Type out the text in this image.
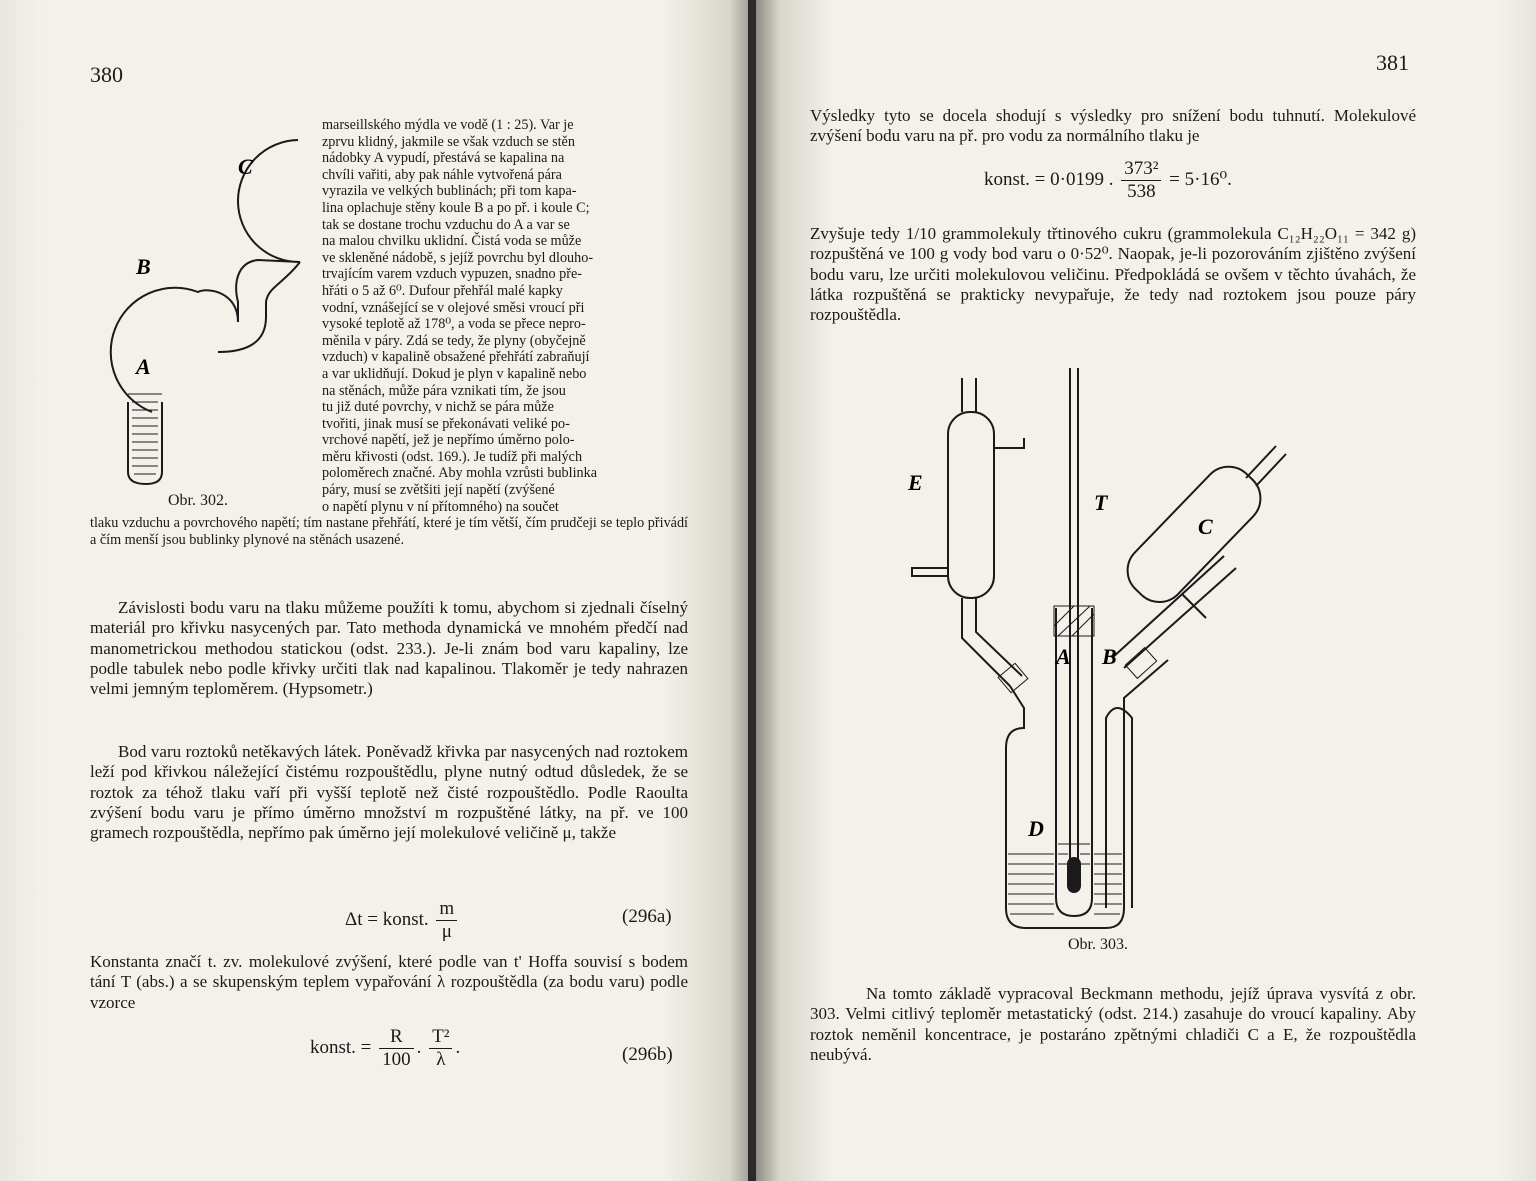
380
C
B
A
Obr. 302.
marseillského mýdla ve vodě (1 : 25). Var je
zprvu klidný, jakmile se však vzduch se stěn
nádobky A vypudí, přestává se kapalina na
chvíli vařiti, aby pak náhle vytvořená pára
vyrazila ve velkých bublinách; při tom kapa-
lina oplachuje stěny koule B a po př. i koule C;
tak se dostane trochu vzduchu do A a var se
na malou chvilku uklidní. Čistá voda se může
ve skleněné nádobě, s jejíž povrchu byl dlouho-
trvajícím varem vzduch vypuzen, snadno pře-
hřáti o 5 až 6⁰. Dufour přehřál malé kapky
vodní, vznášející se v olejové směsi vroucí při
vysoké teplotě až 178⁰, a voda se přece nepro-
měnila v páry. Zdá se tedy, že plyny (obyčejně
vzduch) v kapalině obsažené přehřátí zabraňují
a var uklidňují. Dokud je plyn v kapalině nebo
na stěnách, může pára vznikati tím, že jsou
tu již duté povrchy, v nichž se pára může
tvořiti, jinak musí se překonávati veliké po-
vrchové napětí, jež je nepřímo úměrno polo-
měru křivosti (odst. 169.). Je tudíž při malých
poloměrech značné. Aby mohla vzrůsti bublinka
páry, musí se zvětšiti její napětí (zvýšené
o napětí plynu v ní přítomného) na součet

tlaku vzduchu a povrchového napětí; tím nastane přehřátí, které je tím větší, čím prudčeji se teplo přivádí a čím menší jsou bublinky plynové na stěnách usazené.

Závislosti bodu varu na tlaku můžeme použíti k tomu, abychom si zjednali číselný materiál pro křivku nasycených par. Tato methoda dynamická ve mnohém předčí nad manometrickou methodou statickou (odst. 233.). Je-li znám bod varu kapaliny, lze podle tabulek nebo podle křivky určiti tlak nad kapalinou. Tlakoměr je tedy nahrazen velmi jemným teploměrem. (Hypsometr.)

Bod varu roztoků netěkavých látek. Poněvadž křivka par nasycených nad roztokem leží pod křivkou náležející čistému rozpouštědlu, plyne nutný odtud důsledek, že se roztok za téhož tlaku vaří při vyšší teplotě než čisté rozpouštědlo. Podle Raoulta zvýšení bodu varu je přímo úměrno množství m rozpuštěné látky, na př. ve 100 gramech rozpouštědla, nepřímo pak úměrno její molekulové veličině μ, takže

Δt = konst. $\frac{m}{\mu}$	(296a)

Konstanta značí t. zv. molekulové zvýšení, které podle van t' Hoffa souvisí s bodem tání T (abs.) a se skupenským teplem vypařování λ rozpouštědla (za bodu varu) podle vzorce

konst. = $\frac{R}{100}$ . $\frac{\text{T²}}{\lambda}$ .	(296b)
381

Výsledky tyto se docela shodují s výsledky pro snížení bodu tuhnutí. Molekulové zvýšení bodu varu na př. pro vodu za normálního tlaku je

konst. = 0·0199 . $\frac{\text{373²}}{538} = 5\cdot 16^0$.

Zvyšuje tedy 1/10 grammolekuly třtinového cukru (grammolekula C₁₂H₂₂O₁₁ = 342 g) rozpuštěná ve 100 g vody bod varu o 0·52⁰. Naopak, je-li pozorováním zjištěno zvýšení bodu varu, lze určiti molekulovou veličinu. Předpokládá se ovšem v těchto úvahách, že látka rozpuštěná se prakticky nevypařuje, že tedy nad roztokem jsou pouze páry rozpouštědla.

E
T
C
A B
D
Obr. 303.

Na tomto základě vypracoval Beckmann methodu, jejíž úprava vysvítá z obr. 303. Velmi citlivý teploměr metastatický (odst. 214.) zasahuje do vroucí kapaliny. Aby roztok neměnil koncentrace, je postaráno zpětnými chladiči C a E, že rozpouštědla neubývá.
